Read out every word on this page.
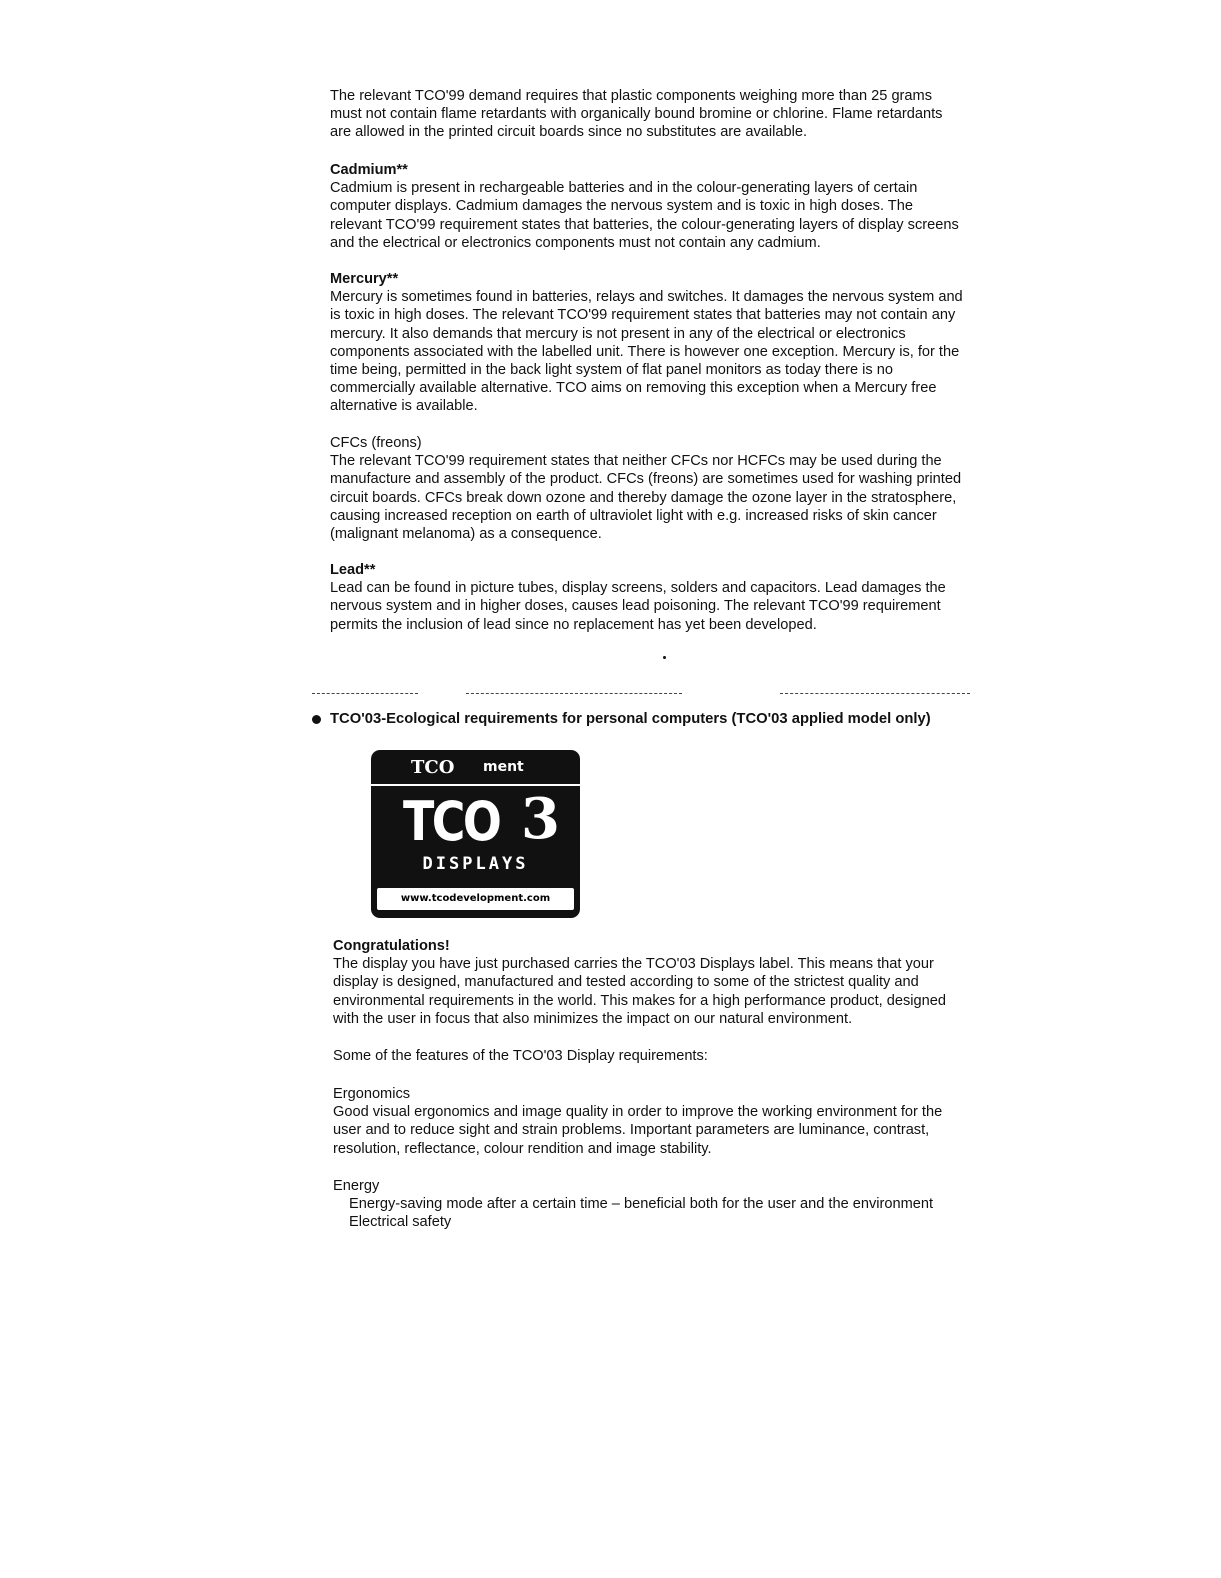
The relevant TCO'99 demand requires that plastic components weighing more than 25 grams
must not contain flame retardants with organically bound bromine or chlorine. Flame retardants
are allowed in the printed circuit boards since no substitutes are available.

Cadmium**

Cadmium is present in rechargeable batteries and in the colour-generating layers of certain
computer displays. Cadmium damages the nervous system and is toxic in high doses. The
relevant TCO'99 requirement states that batteries, the colour-generating layers of display screens
and the electrical or electronics components must not contain any cadmium.

Mercury**

Mercury is sometimes found in batteries, relays and switches. It damages the nervous system and
is toxic in high doses. The relevant TCO'99 requirement states that batteries may not contain any
mercury. It also demands that mercury is not present in any of the electrical or electronics
components associated with the labelled unit. There is however one exception. Mercury is, for the
time being, permitted in the back light system of flat panel monitors as today there is no
commercially available alternative. TCO aims on removing this exception when a Mercury free
alternative is available.

CFCs (freons)

The relevant TCO'99 requirement states that neither CFCs nor HCFCs may be used during the
manufacture and assembly of the product. CFCs (freons) are sometimes used for washing printed
circuit boards. CFCs break down ozone and thereby damage the ozone layer in the stratosphere,
causing increased reception on earth of ultraviolet light with e.g. increased risks of skin cancer
(malignant melanoma) as a consequence.

Lead**

Lead can be found in picture tubes, display screens, solders and capacitors. Lead damages the
nervous system and in higher doses, causes lead poisoning. The relevant TCO'99 requirement
permits the inclusion of lead since no replacement has yet been developed.

TCO'03-Ecological requirements for personal computers (TCO'03 applied model only)
TCO ment
TCO 3
DISPLAYS
www.tcodevelopment.com

Congratulations!

The display you have just purchased carries the TCO'03 Displays label. This means that your
display is designed, manufactured and tested according to some of the strictest quality and
environmental requirements in the world. This makes for a high performance product, designed
with the user in focus that also minimizes the impact on our natural environment.

Some of the features of the TCO'03 Display requirements:

Ergonomics

Good visual ergonomics and image quality in order to improve the working environment for the
user and to reduce sight and strain problems. Important parameters are luminance, contrast,
resolution, reflectance, colour rendition and image stability.

Energy

Energy-saving mode after a certain time – beneficial both for the user and the environment
Electrical safety
